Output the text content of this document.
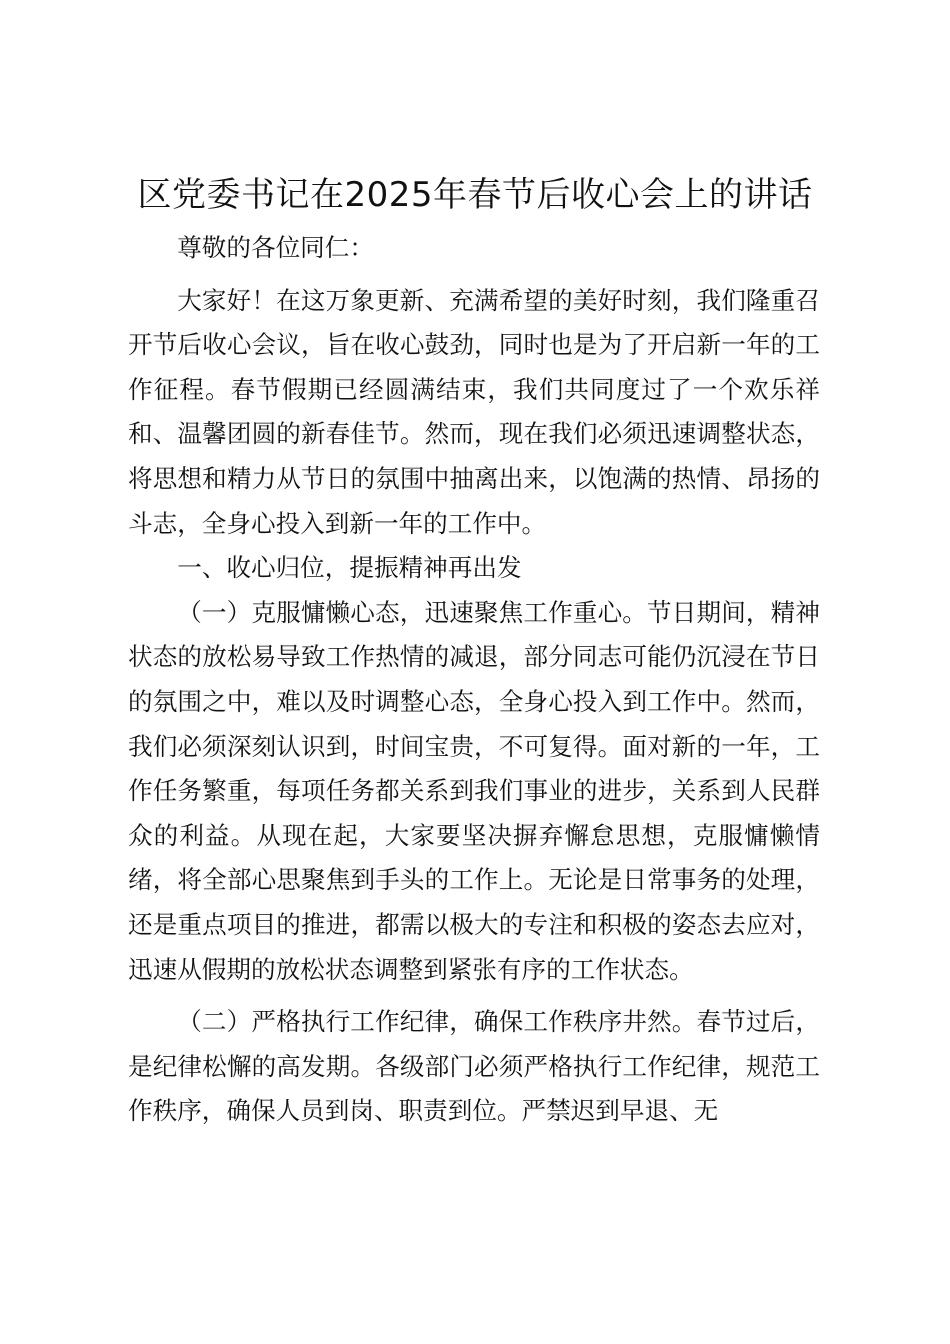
区党委书记在2025年春节后收心会上的讲话

尊敬的各位同仁：

大家好！在这万象更新、充满希望的美好时刻，我们隆重召开节后收心会议，旨在收心鼓劲，同时也是为了开启新一年的工作征程。春节假期已经圆满结束，我们共同度过了一个欢乐祥和、温馨团圆的新春佳节。然而，现在我们必须迅速调整状态，将思想和精力从节日的氛围中抽离出来，以饱满的热情、昂扬的斗志，全身心投入到新一年的工作中。

一、收心归位，提振精神再出发

（一）克服慵懒心态，迅速聚焦工作重心。节日期间，精神状态的放松易导致工作热情的减退，部分同志可能仍沉浸在节日的氛围之中，难以及时调整心态，全身心投入到工作中。然而，我们必须深刻认识到，时间宝贵，不可复得。面对新的一年，工作任务繁重，每项任务都关系到我们事业的进步，关系到人民群众的利益。从现在起，大家要坚决摒弃懈怠思想，克服慵懒情绪，将全部心思聚焦到手头的工作上。无论是日常事务的处理，还是重点项目的推进，都需以极大的专注和积极的姿态去应对，迅速从假期的放松状态调整到紧张有序的工作状态。

（二）严格执行工作纪律，确保工作秩序井然。春节过后，是纪律松懈的高发期。各级部门必须严格执行工作纪律，规范工作秩序，确保人员到岗、职责到位。严禁迟到早退、无
